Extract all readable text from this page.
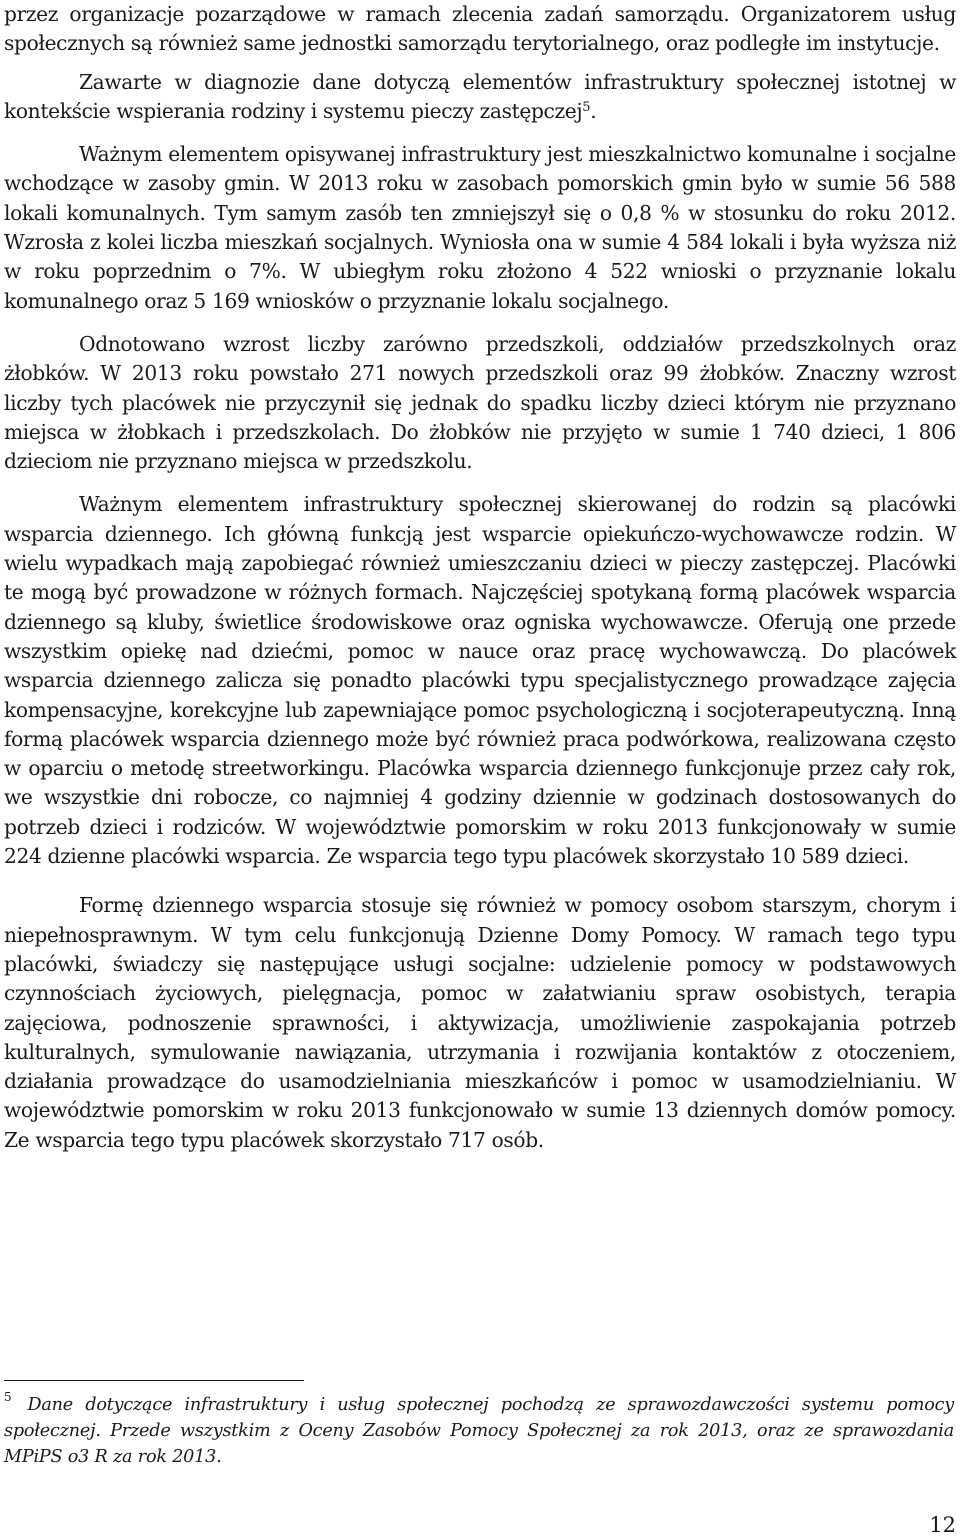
przez organizacje pozarządowe w ramach zlecenia zadań samorządu. Organizatorem usług społecznych są również same jednostki samorządu terytorialnego, oraz podległe im instytucje.

Zawarte w diagnozie dane dotyczą elementów infrastruktury społecznej istotnej w kontekście wspierania rodziny i systemu pieczy zastępczej$^5$.

Ważnym elementem opisywanej infrastruktury jest mieszkalnictwo komunalne i socjalne wchodzące w zasoby gmin. W 2013 roku w zasobach pomorskich gmin było w sumie 56 588 lokali komunalnych. Tym samym zasób ten zmniejszył się o 0,8 % w stosunku do roku 2012. Wzrosła z kolei liczba mieszkań socjalnych. Wyniosła ona w sumie 4 584 lokali i była wyższa niż w roku poprzednim o 7%. W ubiegłym roku złożono 4 522 wnioski o przyznanie lokalu komunalnego oraz 5 169 wniosków o przyznanie lokalu socjalnego.

Odnotowano wzrost liczby zarówno przedszkoli, oddziałów przedszkolnych oraz żłobków. W 2013 roku powstało 271 nowych przedszkoli oraz 99 żłobków. Znaczny wzrost liczby tych placówek nie przyczynił się jednak do spadku liczby dzieci którym nie przyznano miejsca w żłobkach i przedszkolach. Do żłobków nie przyjęto w sumie 1 740 dzieci, 1 806 dzieciom nie przyznano miejsca w przedszkolu.

Ważnym elementem infrastruktury społecznej skierowanej do rodzin są placówki wsparcia dziennego. Ich główną funkcją jest wsparcie opiekuńczo-wychowawcze rodzin. W wielu wypadkach mają zapobiegać również umieszczaniu dzieci w pieczy zastępczej. Placówki te mogą być prowadzone w różnych formach. Najczęściej spotykaną formą placówek wsparcia dziennego są kluby, świetlice środowiskowe oraz ogniska wychowawcze. Oferują one przede wszystkim opiekę nad dziećmi, pomoc w nauce oraz pracę wychowawczą. Do placówek wsparcia dziennego zalicza się ponadto placówki typu specjalistycznego prowadzące zajęcia kompensacyjne, korekcyjne lub zapewniające pomoc psychologiczną i socjoterapeutyczną. Inną formą placówek wsparcia dziennego może być również praca podwórkowa, realizowana często w oparciu o metodę streetworkingu. Placówka wsparcia dziennego funkcjonuje przez cały rok, we wszystkie dni robocze, co najmniej 4 godziny dziennie w godzinach dostosowanych do potrzeb dzieci i rodziców. W województwie pomorskim w roku 2013 funkcjonowały w sumie 224 dzienne placówki wsparcia. Ze wsparcia tego typu placówek skorzystało 10 589 dzieci.

Formę dziennego wsparcia stosuje się również w pomocy osobom starszym, chorym i niepełnosprawnym. W tym celu funkcjonują Dzienne Domy Pomocy. W ramach tego typu placówki, świadczy się następujące usługi socjalne: udzielenie pomocy w podstawowych czynnościach życiowych, pielęgnacja, pomoc w załatwianiu spraw osobistych, terapia zajęciowa, podnoszenie sprawności, i aktywizacja, umożliwienie zaspokajania potrzeb kulturalnych, symulowanie nawiązania, utrzymania i rozwijania kontaktów z otoczeniem, działania prowadzące do usamodzielniania mieszkańców i pomoc w usamodzielnianiu. W województwie pomorskim w roku 2013 funkcjonowało w sumie 13 dziennych domów pomocy. Ze wsparcia tego typu placówek skorzystało 717 osób.

$^5$ Dane dotyczące infrastruktury i usług społecznej pochodzą ze sprawozdawczości systemu pomocy społecznej. Przede wszystkim z Oceny Zasobów Pomocy Społecznej za rok 2013, oraz ze sprawozdania MPiPS o3 R za rok 2013.

12
